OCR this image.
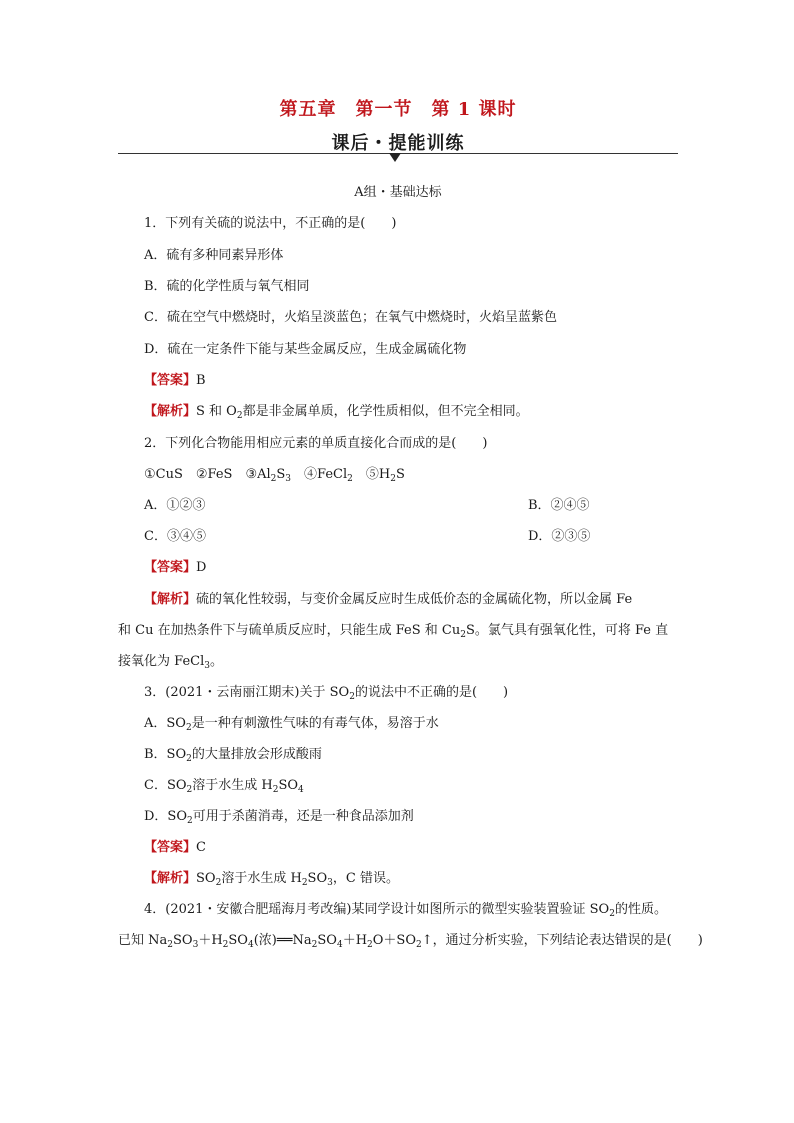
第五章　第一节　第 1 课时
课后・提能训练
A组・基础达标
1．下列有关硫的说法中，不正确的是(　　)
A．硫有多种同素异形体
B．硫的化学性质与氧气相同
C．硫在空气中燃烧时，火焰呈淡蓝色；在氧气中燃烧时，火焰呈蓝紫色
D．硫在一定条件下能与某些金属反应，生成金属硫化物
【答案】B
【解析】S 和 $O_2$都是非金属单质，化学性质相似，但不完全相同。
2．下列化合物能用相应元素的单质直接化合而成的是(　　)
①CuS　②FeS　$③Al_2S_3$　④FeCl$_2$　$⑤H_2S$
A．①②③	B．②④⑤
C．③④⑤	D．②③⑤
【答案】D
【解析】硫的氧化性较弱，与变价金属反应时生成低价态的金属硫化物，所以金属 Fe
和 Cu 在加热条件下与硫单质反应时，只能生成 FeS 和 $Cu_2S$。氯气具有强氧化性，可将 Fe 直
接氧化为 FeCl$_3$。
3．(2021・云南丽江期末)关于 $SO_2$的说法中不正确的是(　　)
A．$SO_2$是一种有刺激性气味的有毒气体，易溶于水
B．$SO_2$的大量排放会形成酸雨
C．$SO_2$溶于水生成 $H_2SO_4$
D．$SO_2$可用于杀菌消毒，还是一种食品添加剂
【答案】C
【解析】$SO_2$溶于水生成 $H_2SO_3$，C 错误。
4．(2021・安徽合肥瑶海月考改编)某同学设计如图所示的微型实验装置验证 $SO_2$的性质。
已知 $Na_2SO_3+H_2SO_4$(浓)$══Na_2SO_4+H_2O+SO_2↑$，通过分析实验，下列结论表达错误的是(　　)
